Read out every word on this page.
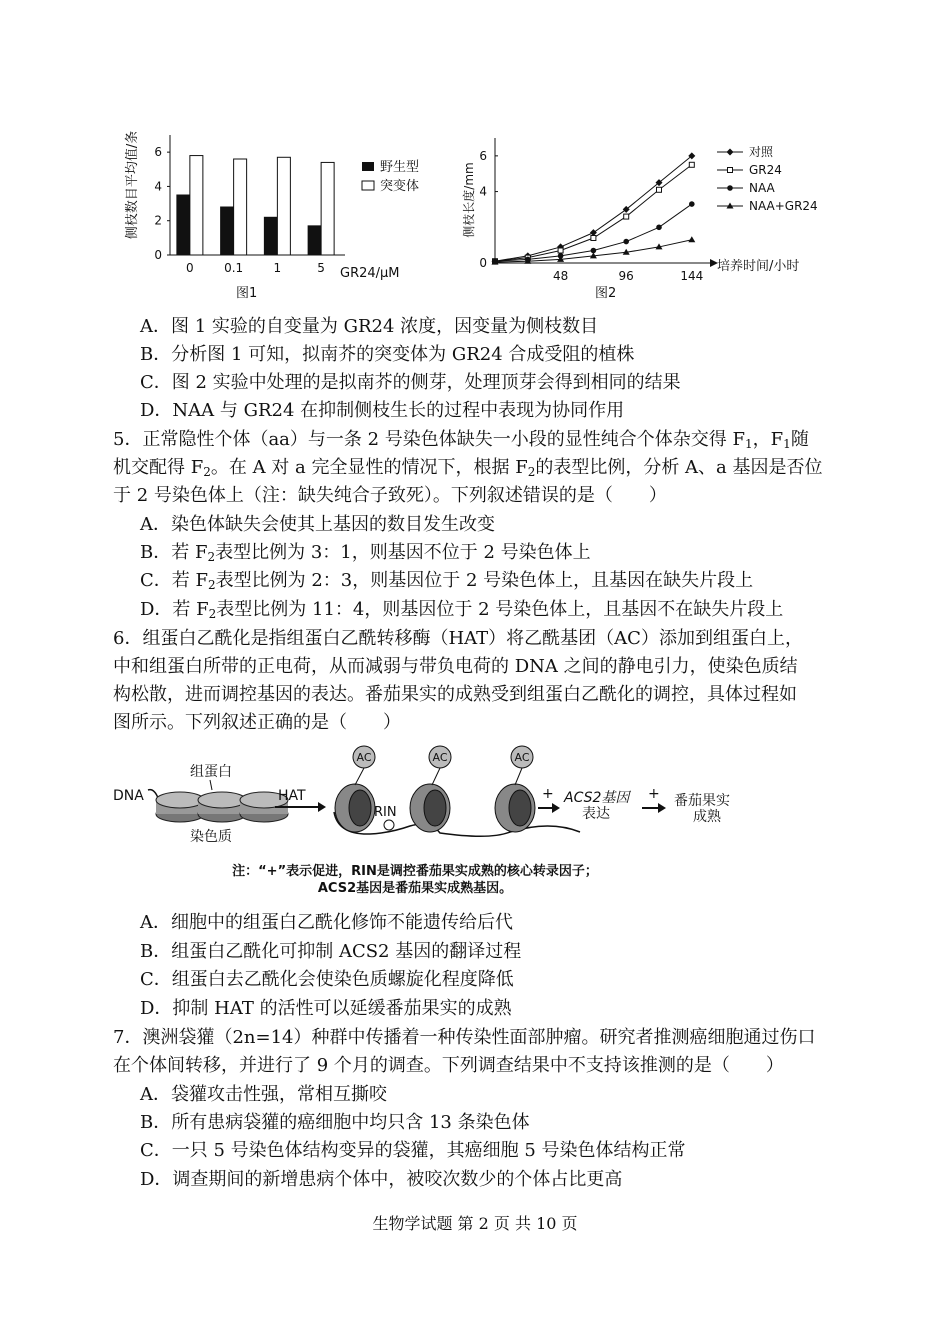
0
2
4
6
0	0.1	1	5
侧枝数目平均值/条
GR24/μM
图1
野生型
突变体
0
4
6
48	96	144
侧枝长度/mm
培养时间/小时
图2
对照
GR24
NAA
NAA+GR24
A．图 1 实验的自变量为 GR24 浓度，因变量为侧枝数目
B．分析图 1 可知，拟南芥的突变体为 GR24 合成受阻的植株
C．图 2 实验中处理的是拟南芥的侧芽，处理顶芽会得到相同的结果
D．NAA 与 GR24 在抑制侧枝生长的过程中表现为协同作用
5．正常隐性个体（aa）与一条 2 号染色体缺失一小段的显性纯合个体杂交得 $F_1$，$F_1$随
机交配得 $F_2$。在 A 对 a 完全显性的情况下，根据 $F_2$的表型比例，分析 A、a 基因是否位
于 2 号染色体上（注：缺失纯合子致死）。下列叙述错误的是（　　）
A．染色体缺失会使其上基因的数目发生改变
B．若 $F_2$表型比例为 3：1，则基因不位于 2 号染色体上
C．若 $F_2$表型比例为 2：3，则基因位于 2 号染色体上，且基因在缺失片段上
D．若 $F_2$表型比例为 11：4，则基因位于 2 号染色体上，且基因不在缺失片段上
6．组蛋白乙酰化是指组蛋白乙酰转移酶（HAT）将乙酰基团（AC）添加到组蛋白上，
中和组蛋白所带的正电荷，从而减弱与带负电荷的 DNA 之间的静电引力，使染色质结
构松散，进而调控基因的表达。番茄果实的成熟受到组蛋白乙酰化的调控，具体过程如
图所示。下列叙述正确的是（　　）
DNA
组蛋白
染色质
HAT
AC	AC	AC
RIN
+ ACS2基因
表达
+ 番茄果实
成熟
注：“+”表示促进，RIN是调控番茄果实成熟的核心转录因子；
ACS2基因是番茄果实成熟基因。
A．细胞中的组蛋白乙酰化修饰不能遗传给后代
B．组蛋白乙酰化可抑制 ACS2 基因的翻译过程
C．组蛋白去乙酰化会使染色质螺旋化程度降低
D．抑制 HAT 的活性可以延缓番茄果实的成熟
7．澳洲袋獾（2n=14）种群中传播着一种传染性面部肿瘤。研究者推测癌细胞通过伤口
在个体间转移，并进行了 9 个月的调查。下列调查结果中不支持该推测的是（　　）
A．袋獾攻击性强，常相互撕咬
B．所有患病袋獾的癌细胞中均只含 13 条染色体
C．一只 5 号染色体结构变异的袋獾，其癌细胞 5 号染色体结构正常
D．调查期间的新增患病个体中，被咬次数少的个体占比更高
生物学试题 第 2 页 共 10 页
